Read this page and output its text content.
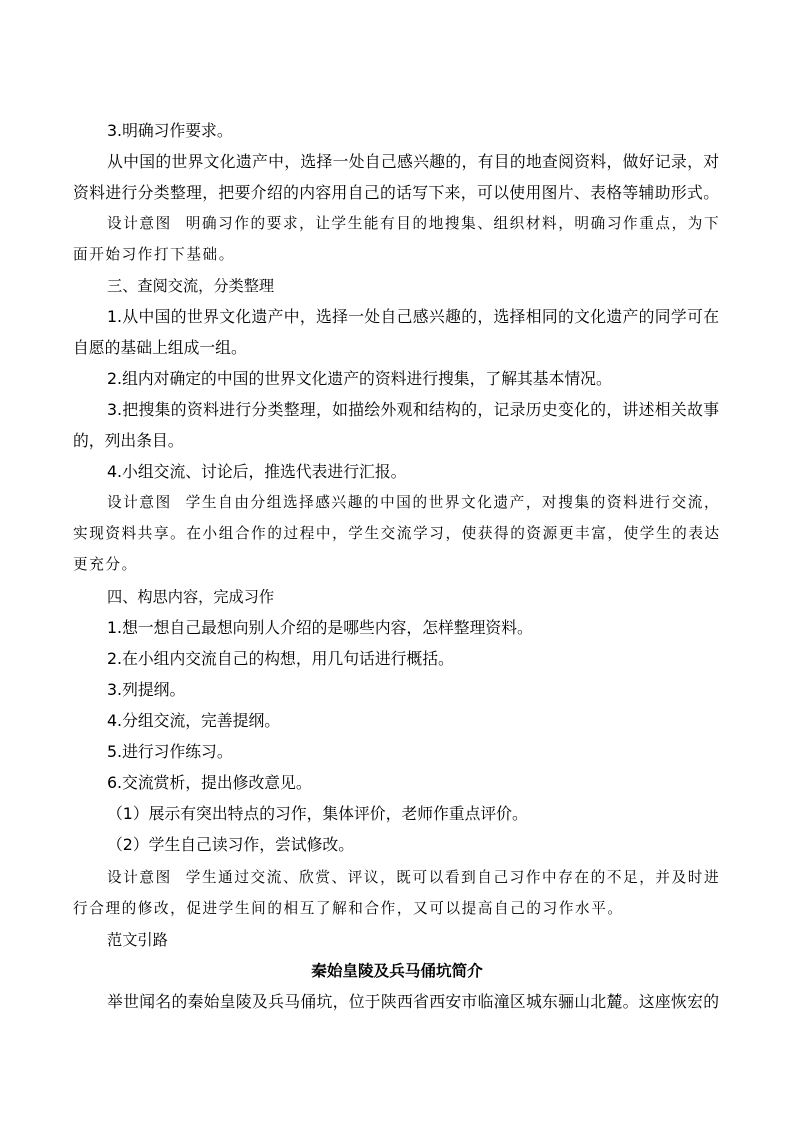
3.明确习作要求。
从中国的世界文化遗产中，选择一处自己感兴趣的，有目的地查阅资料，做好记录，对
资料进行分类整理，把要介绍的内容用自己的话写下来，可以使用图片、表格等辅助形式。
设计意图 明确习作的要求，让学生能有目的地搜集、组织材料，明确习作重点，为下
面开始习作打下基础。
三、查阅交流，分类整理
1.从中国的世界文化遗产中，选择一处自己感兴趣的，选择相同的文化遗产的同学可在
自愿的基础上组成一组。
2.组内对确定的中国的世界文化遗产的资料进行搜集，了解其基本情况。
3.把搜集的资料进行分类整理，如描绘外观和结构的，记录历史变化的，讲述相关故事
的，列出条目。
4.小组交流、讨论后，推选代表进行汇报。
设计意图 学生自由分组选择感兴趣的中国的世界文化遗产，对搜集的资料进行交流，
实现资料共享。在小组合作的过程中，学生交流学习，使获得的资源更丰富，使学生的表达
更充分。
四、构思内容，完成习作
1.想一想自己最想向别人介绍的是哪些内容，怎样整理资料。
2.在小组内交流自己的构想，用几句话进行概括。
3.列提纲。
4.分组交流，完善提纲。
5.进行习作练习。
6.交流赏析，提出修改意见。
（1）展示有突出特点的习作，集体评价，老师作重点评价。
（2）学生自己读习作，尝试修改。
设计意图 学生通过交流、欣赏、评议，既可以看到自己习作中存在的不足，并及时进
行合理的修改，促进学生间的相互了解和合作，又可以提高自己的习作水平。
范文引路
秦始皇陵及兵马俑坑简介
举世闻名的秦始皇陵及兵马俑坑，位于陕西省西安市临潼区城东骊山北麓。这座恢宏的
